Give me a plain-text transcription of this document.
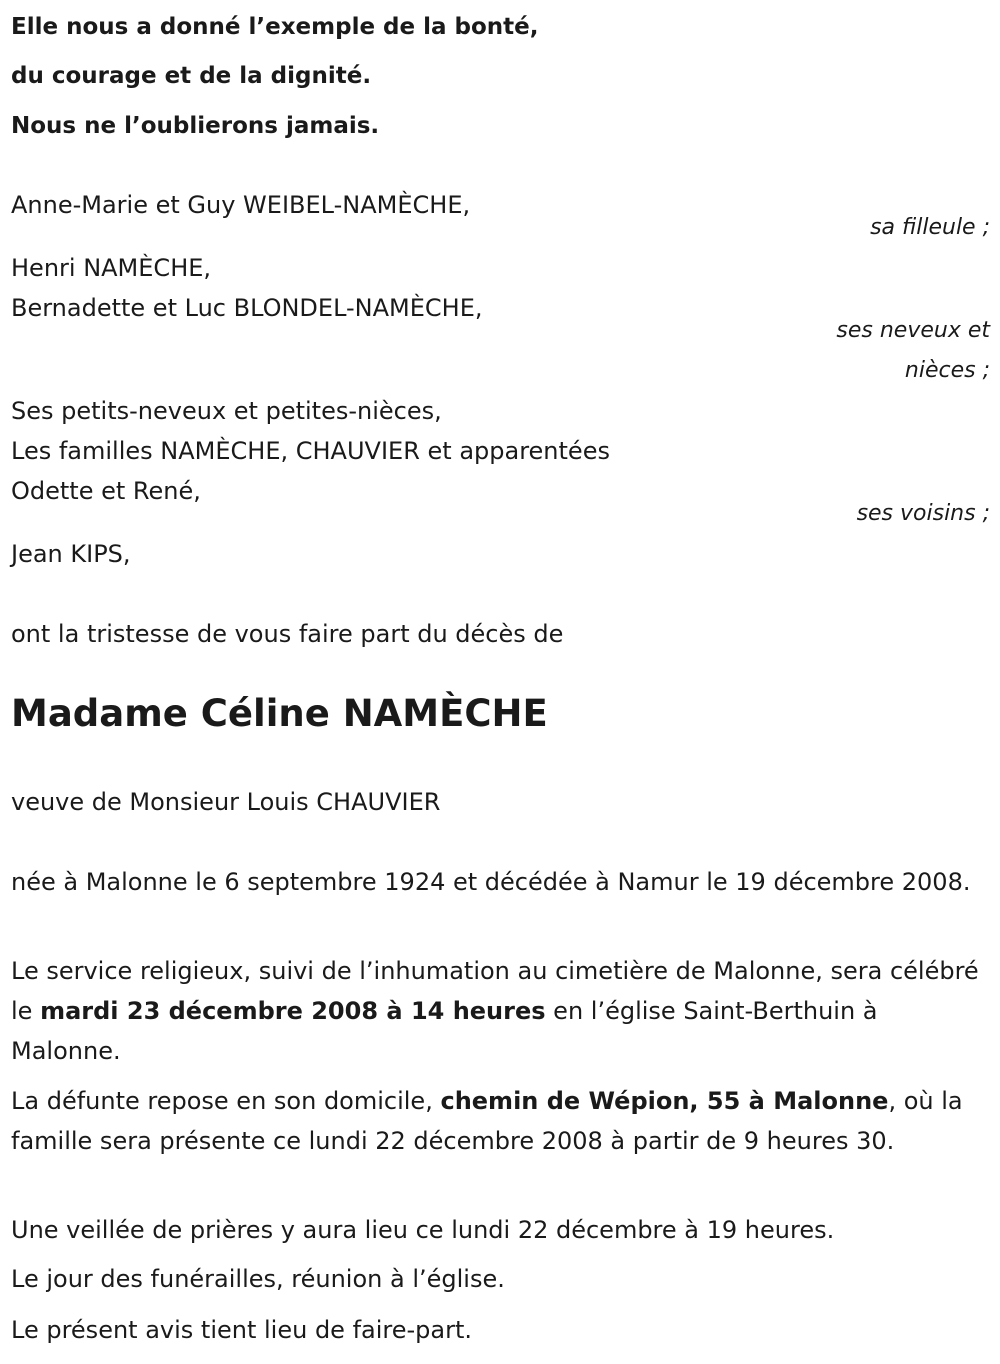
Elle nous a donné l’exemple de la bonté,
du courage et de la dignité.
Nous ne l’oublierons jamais.
Anne-Marie et Guy WEIBEL-NAMÈCHE,
sa filleule ;
Henri NAMÈCHE,
Bernadette et Luc BLONDEL-NAMÈCHE,
ses neveux et
nièces ;
Ses petits-neveux et petites-nièces,
Les familles NAMÈCHE, CHAUVIER et apparentées
Odette et René,
ses voisins ;
Jean KIPS,
ont la tristesse de vous faire part du décès de
Madame Céline NAMÈCHE
veuve de Monsieur Louis CHAUVIER
née à Malonne le 6 septembre 1924 et décédée à Namur le 19 décembre 2008.
Le service religieux, suivi de l’inhumation au cimetière de Malonne, sera célébré le mardi 23 décembre 2008 à 14 heures en l’église Saint-Berthuin à Malonne.
La défunte repose en son domicile, chemin de Wépion, 55 à Malonne, où la famille sera présente ce lundi 22 décembre 2008 à partir de 9 heures 30.
Une veillée de prières y aura lieu ce lundi 22 décembre à 19 heures.
Le jour des funérailles, réunion à l’église.
Le présent avis tient lieu de faire-part.
